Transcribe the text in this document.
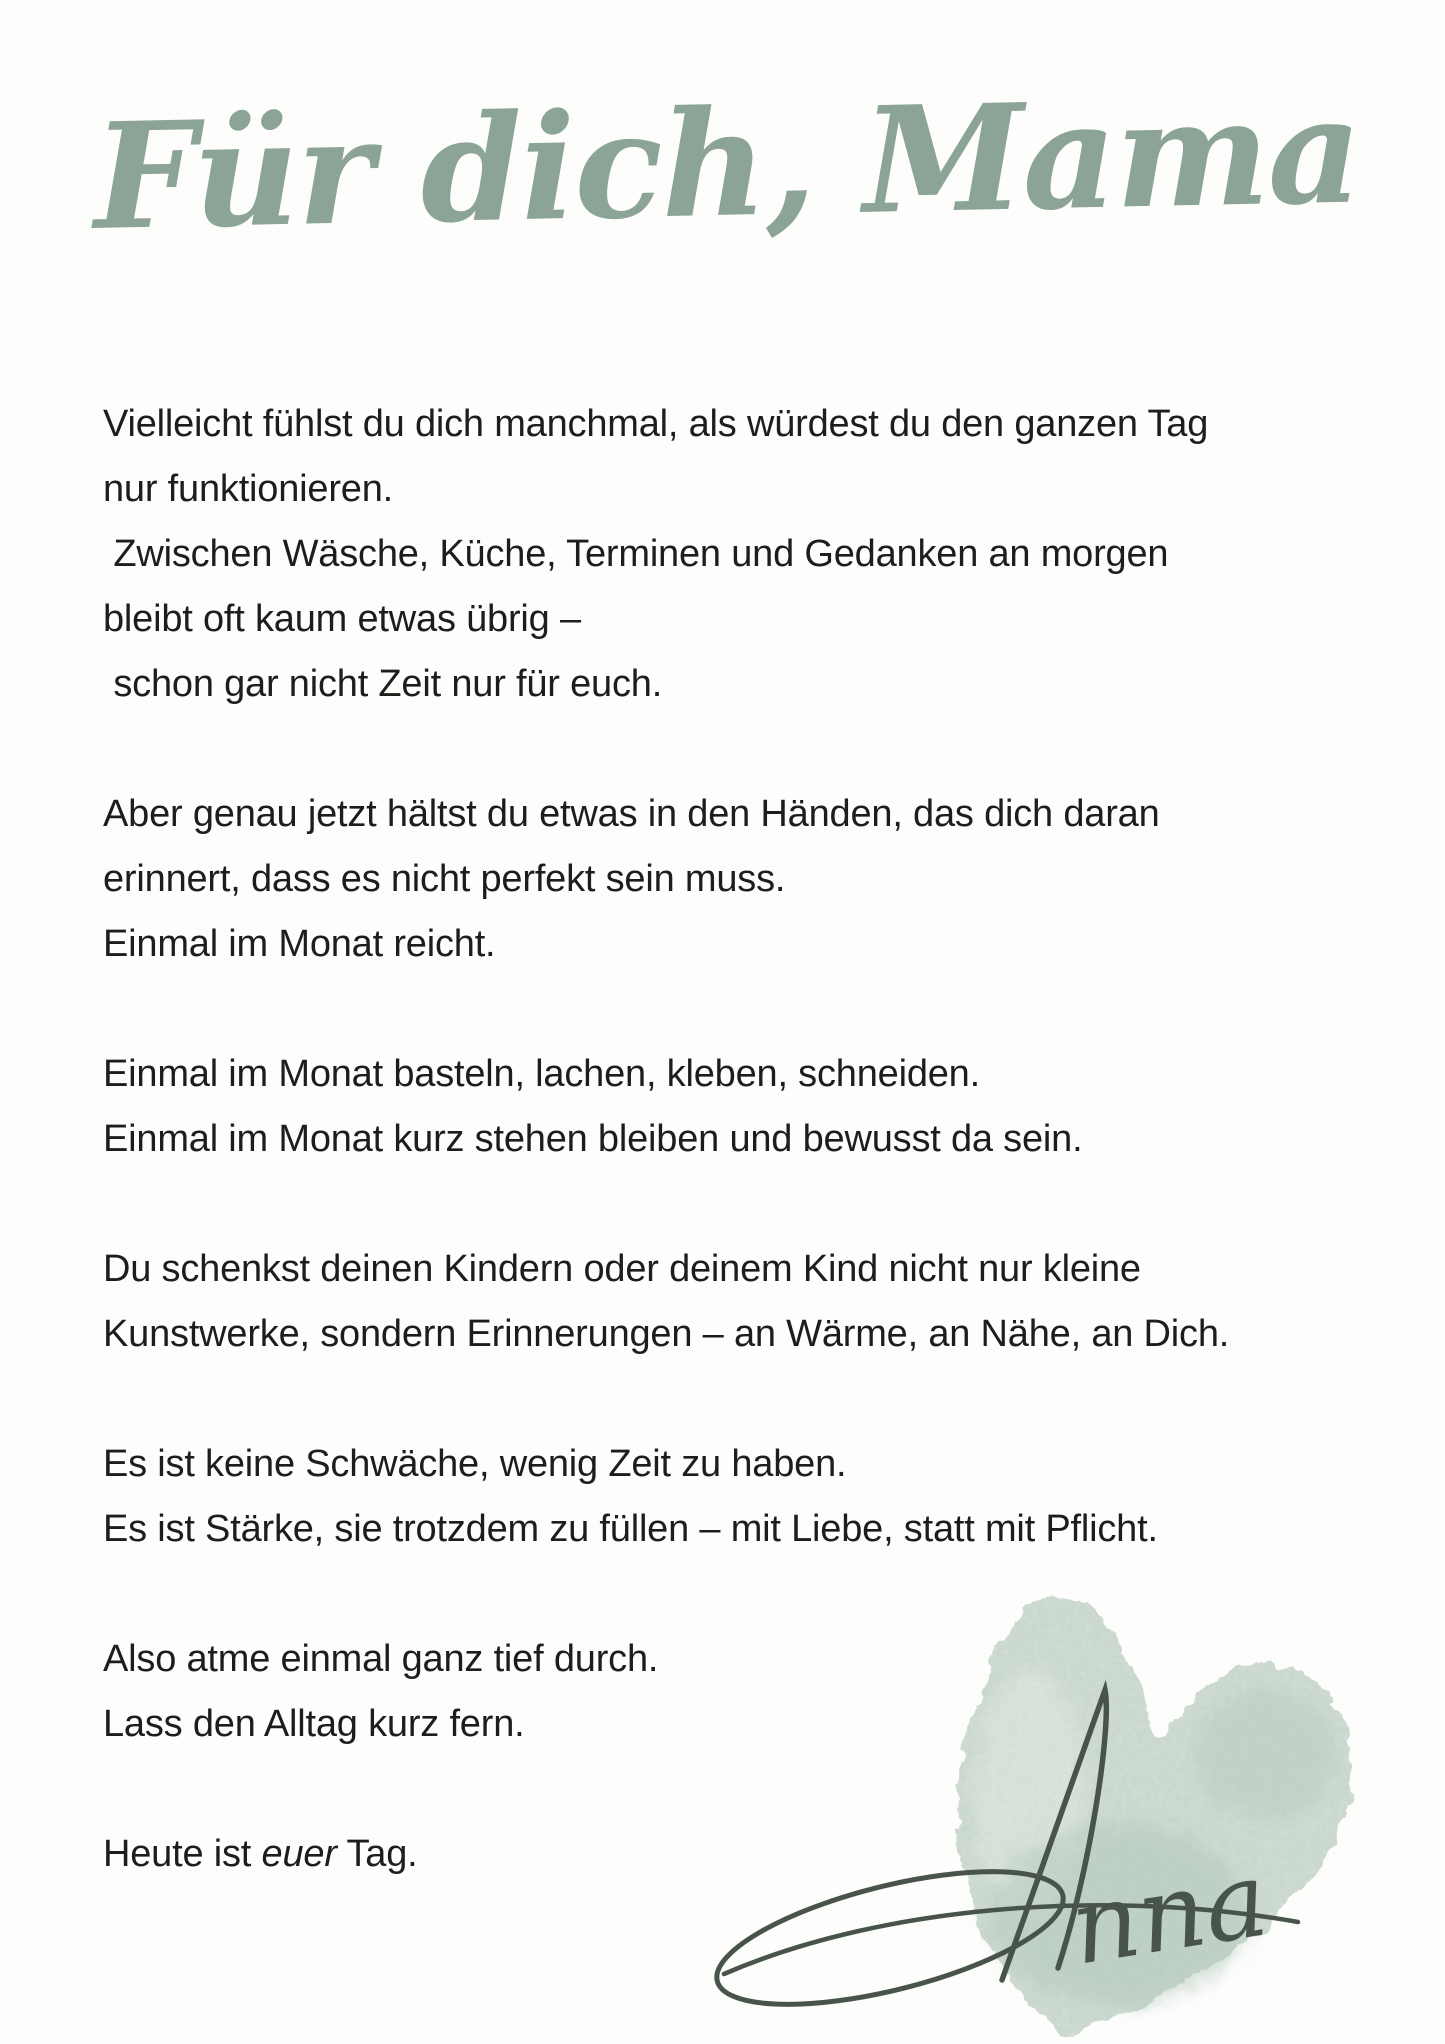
Für dich, Mama
Vielleicht fühlst du dich manchmal, als würdest du den ganzen Tag
nur funktionieren.
Zwischen Wäsche, Küche, Terminen und Gedanken an morgen
bleibt oft kaum etwas übrig –
schon gar nicht Zeit nur für euch.
Aber genau jetzt hältst du etwas in den Händen, das dich daran
erinnert, dass es nicht perfekt sein muss.
Einmal im Monat reicht.
Einmal im Monat basteln, lachen, kleben, schneiden.
Einmal im Monat kurz stehen bleiben und bewusst da sein.
Du schenkst deinen Kindern oder deinem Kind nicht nur kleine
Kunstwerke, sondern Erinnerungen – an Wärme, an Nähe, an Dich.
Es ist keine Schwäche, wenig Zeit zu haben.
Es ist Stärke, sie trotzdem zu füllen – mit Liebe, statt mit Pflicht.
Also atme einmal ganz tief durch.
Lass den Alltag kurz fern.
Heute ist euer Tag.	nna
